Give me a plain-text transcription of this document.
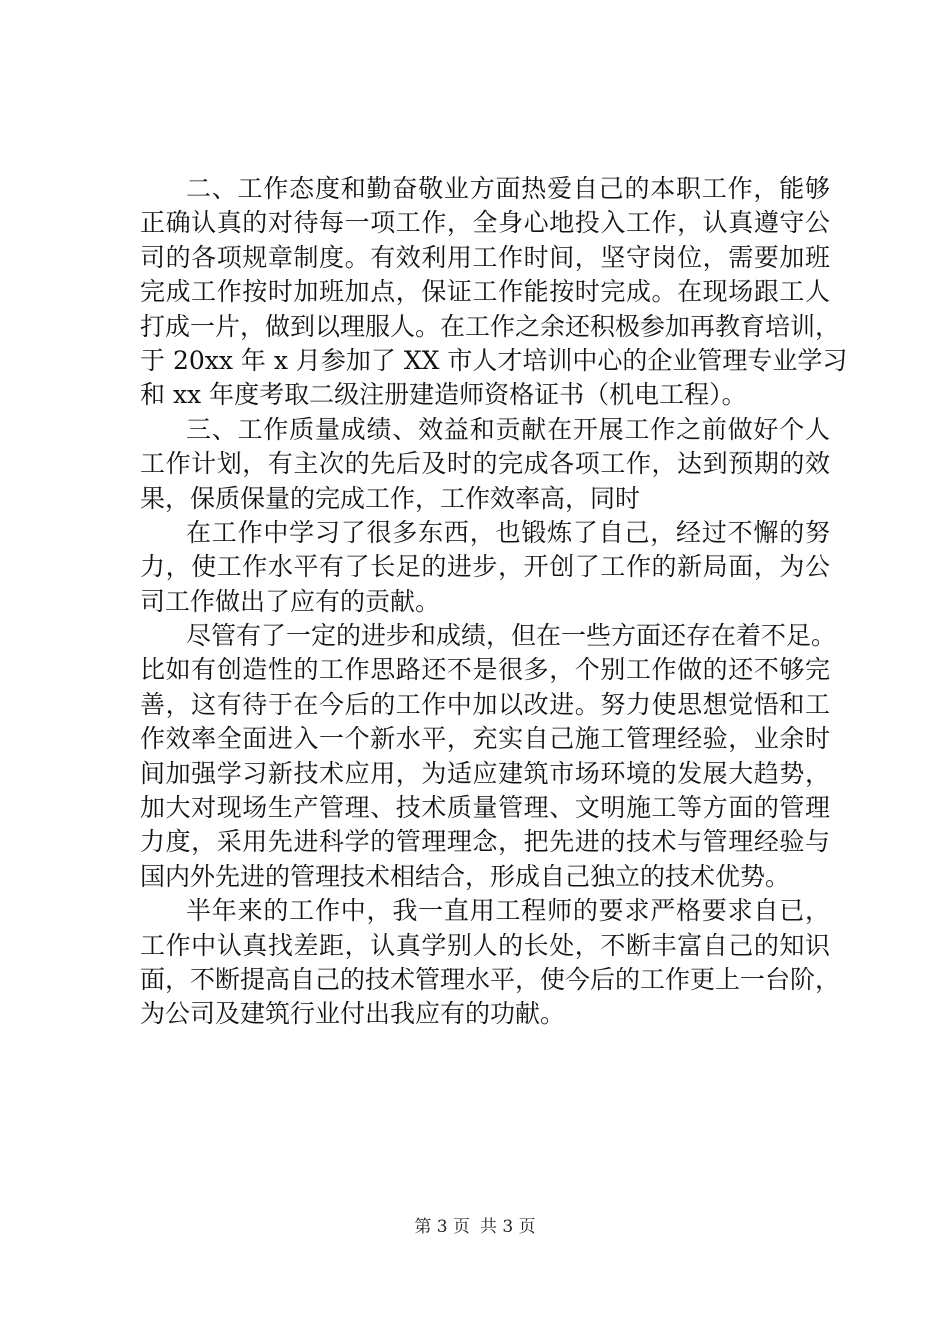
二、工作态度和勤奋敬业方面热爱自己的本职工作，能够
正确认真的对待每一项工作，全身心地投入工作，认真遵守公
司的各项规章制度。有效利用工作时间，坚守岗位，需要加班
完成工作按时加班加点，保证工作能按时完成。在现场跟工人
打成一片，做到以理服人。在工作之余还积极参加再教育培训，
于 20xx 年 x 月参加了 XX 市人才培训中心的企业管理专业学习
和 xx 年度考取二级注册建造师资格证书（机电工程）。
三、工作质量成绩、效益和贡献在开展工作之前做好个人
工作计划，有主次的先后及时的完成各项工作，达到预期的效
果，保质保量的完成工作，工作效率高，同时
在工作中学习了很多东西，也锻炼了自己，经过不懈的努
力，使工作水平有了长足的进步，开创了工作的新局面，为公
司工作做出了应有的贡献。
尽管有了一定的进步和成绩，但在一些方面还存在着不足。
比如有创造性的工作思路还不是很多，个别工作做的还不够完
善，这有待于在今后的工作中加以改进。努力使思想觉悟和工
作效率全面进入一个新水平，充实自己施工管理经验，业余时
间加强学习新技术应用，为适应建筑市场环境的发展大趋势，
加大对现场生产管理、技术质量管理、文明施工等方面的管理
力度，采用先进科学的管理理念，把先进的技术与管理经验与
国内外先进的管理技术相结合，形成自己独立的技术优势。
半年来的工作中，我一直用工程师的要求严格要求自已，
工作中认真找差距，认真学别人的长处，不断丰富自己的知识
面，不断提高自己的技术管理水平，使今后的工作更上一台阶，
为公司及建筑行业付出我应有的功献。
第 3 页 共 3 页
